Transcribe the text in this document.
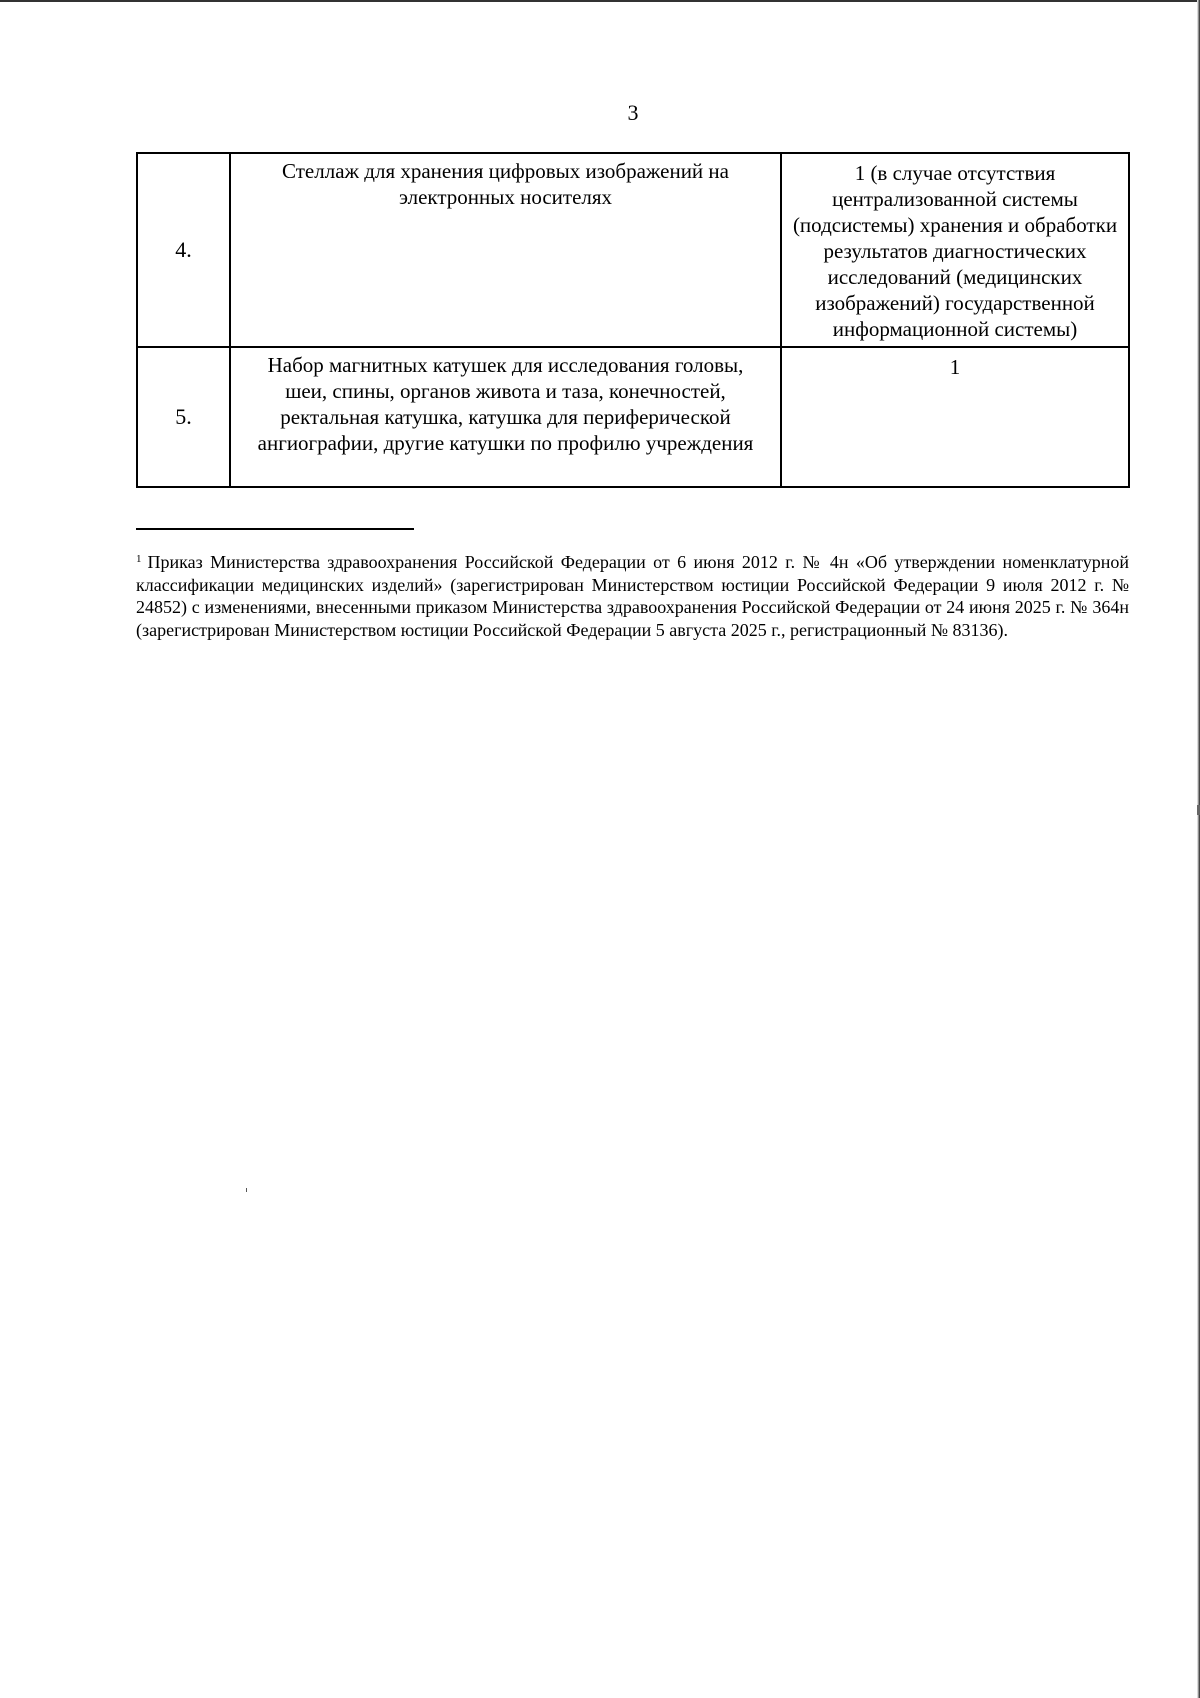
3
4.	Стеллаж для хранения цифровых изображений на электронных носителях	1 (в случае отсутствия централизованной системы (подсистемы) хранения и обработки результатов диагностических исследований (медицинских изображений) государственной информационной системы)

5.	Набор магнитных катушек для исследования головы, шеи, спины, органов живота и таза, конечностей, ректальная катушка, катушка для периферической ангиографии, другие катушки по профилю учреждения	1
$^1$ Приказ Министерства здравоохранения Российской Федерации от 6 июня 2012 г. № 4н «Об утверждении номенклатурной классификации медицинских изделий» (зарегистрирован Министерством юстиции Российской Федерации 9 июля 2012 г. № 24852) с изменениями, внесенными приказом Министерства здравоохранения Российской Федерации от 24 июня 2025 г. № 364н (зарегистрирован Министерством юстиции Российской Федерации 5 августа 2025 г., регистрационный № 83136).
